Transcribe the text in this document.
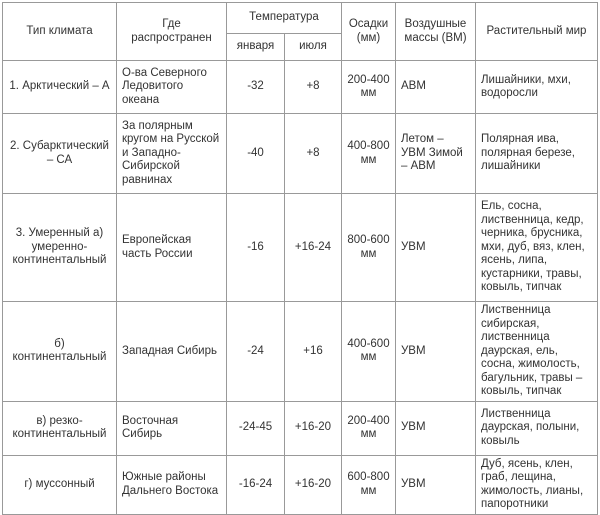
Тип климата	Где распространен	Температура		Осадки (мм)	Воздушные массы (ВМ)	Растительный мир
		января	июля			
1. Арктический – А	О-ва Северного Ледовитого океана	-32	+8	200-400 мм	АВМ	Лишайники, мхи, водоросли
2. Субарктический – СА	За полярным кругом на Русской и Западно-Сибирской равнинах	-40	+8	400-800 мм	Летом – УВМ Зимой – АВМ	Полярная ива, полярная березе, лишайники
3. Умеренный а) умеренно-континентальный	Европейская часть России	-16	+16-24	800-600 мм	УВМ	Ель, сосна, лиственница, кедр, черника, брусника, мхи, дуб, вяз, клен, ясень, липа, кустарники, травы, ковыль, типчак
б) континентальный	Западная Сибирь	-24	+16	400-600 мм	УВМ	Лиственница сибирская, лиственница даурская, ель, сосна, жимолость, багульник, травы – ковыль, типчак
в) резко-континентальный	Восточная Сибирь	-24-45	+16-20	200-400 мм	УВМ	Лиственница даурская, полыни, ковыль
г) муссонный	Южные районы Дальнего Востока	-16-24	+16-20	600-800 мм	УВМ	Дуб, ясень, клен, граб, лещина, жимолость, лианы, папоротники
